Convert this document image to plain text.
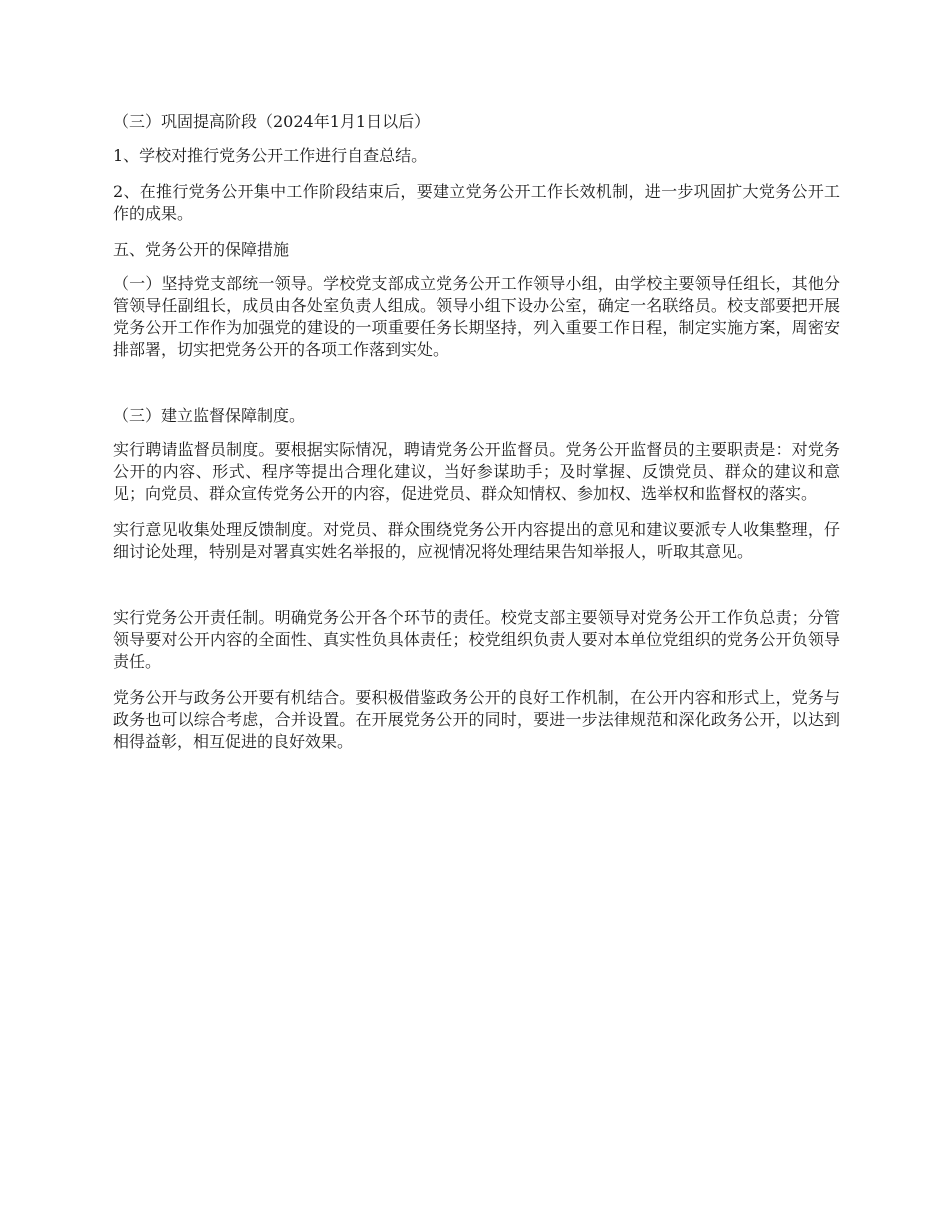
（三）巩固提高阶段（2024年1月1日以后）

1、学校对推行党务公开工作进行自查总结。

2、在推行党务公开集中工作阶段结束后，要建立党务公开工作长效机制，进一步巩固扩大党务公开工作的成果。

五、党务公开的保障措施

（一）坚持党支部统一领导。学校党支部成立党务公开工作领导小组，由学校主要领导任组长，其他分管领导任副组长，成员由各处室负责人组成。领导小组下设办公室，确定一名联络员。校支部要把开展党务公开工作作为加强党的建设的一项重要任务长期坚持，列入重要工作日程，制定实施方案，周密安排部署，切实把党务公开的各项工作落到实处。

（三）建立监督保障制度。

实行聘请监督员制度。要根据实际情况，聘请党务公开监督员。党务公开监督员的主要职责是：对党务公开的内容、形式、程序等提出合理化建议，当好参谋助手；及时掌握、反馈党员、群众的建议和意见；向党员、群众宣传党务公开的内容，促进党员、群众知情权、参加权、选举权和监督权的落实。

实行意见收集处理反馈制度。对党员、群众围绕党务公开内容提出的意见和建议要派专人收集整理，仔细讨论处理，特别是对署真实姓名举报的，应视情况将处理结果告知举报人，听取其意见。

实行党务公开责任制。明确党务公开各个环节的责任。校党支部主要领导对党务公开工作负总责；分管领导要对公开内容的全面性、真实性负具体责任；校党组织负责人要对本单位党组织的党务公开负领导责任。

党务公开与政务公开要有机结合。要积极借鉴政务公开的良好工作机制，在公开内容和形式上，党务与政务也可以综合考虑，合并设置。在开展党务公开的同时，要进一步法律规范和深化政务公开，以达到相得益彰，相互促进的良好效果。
